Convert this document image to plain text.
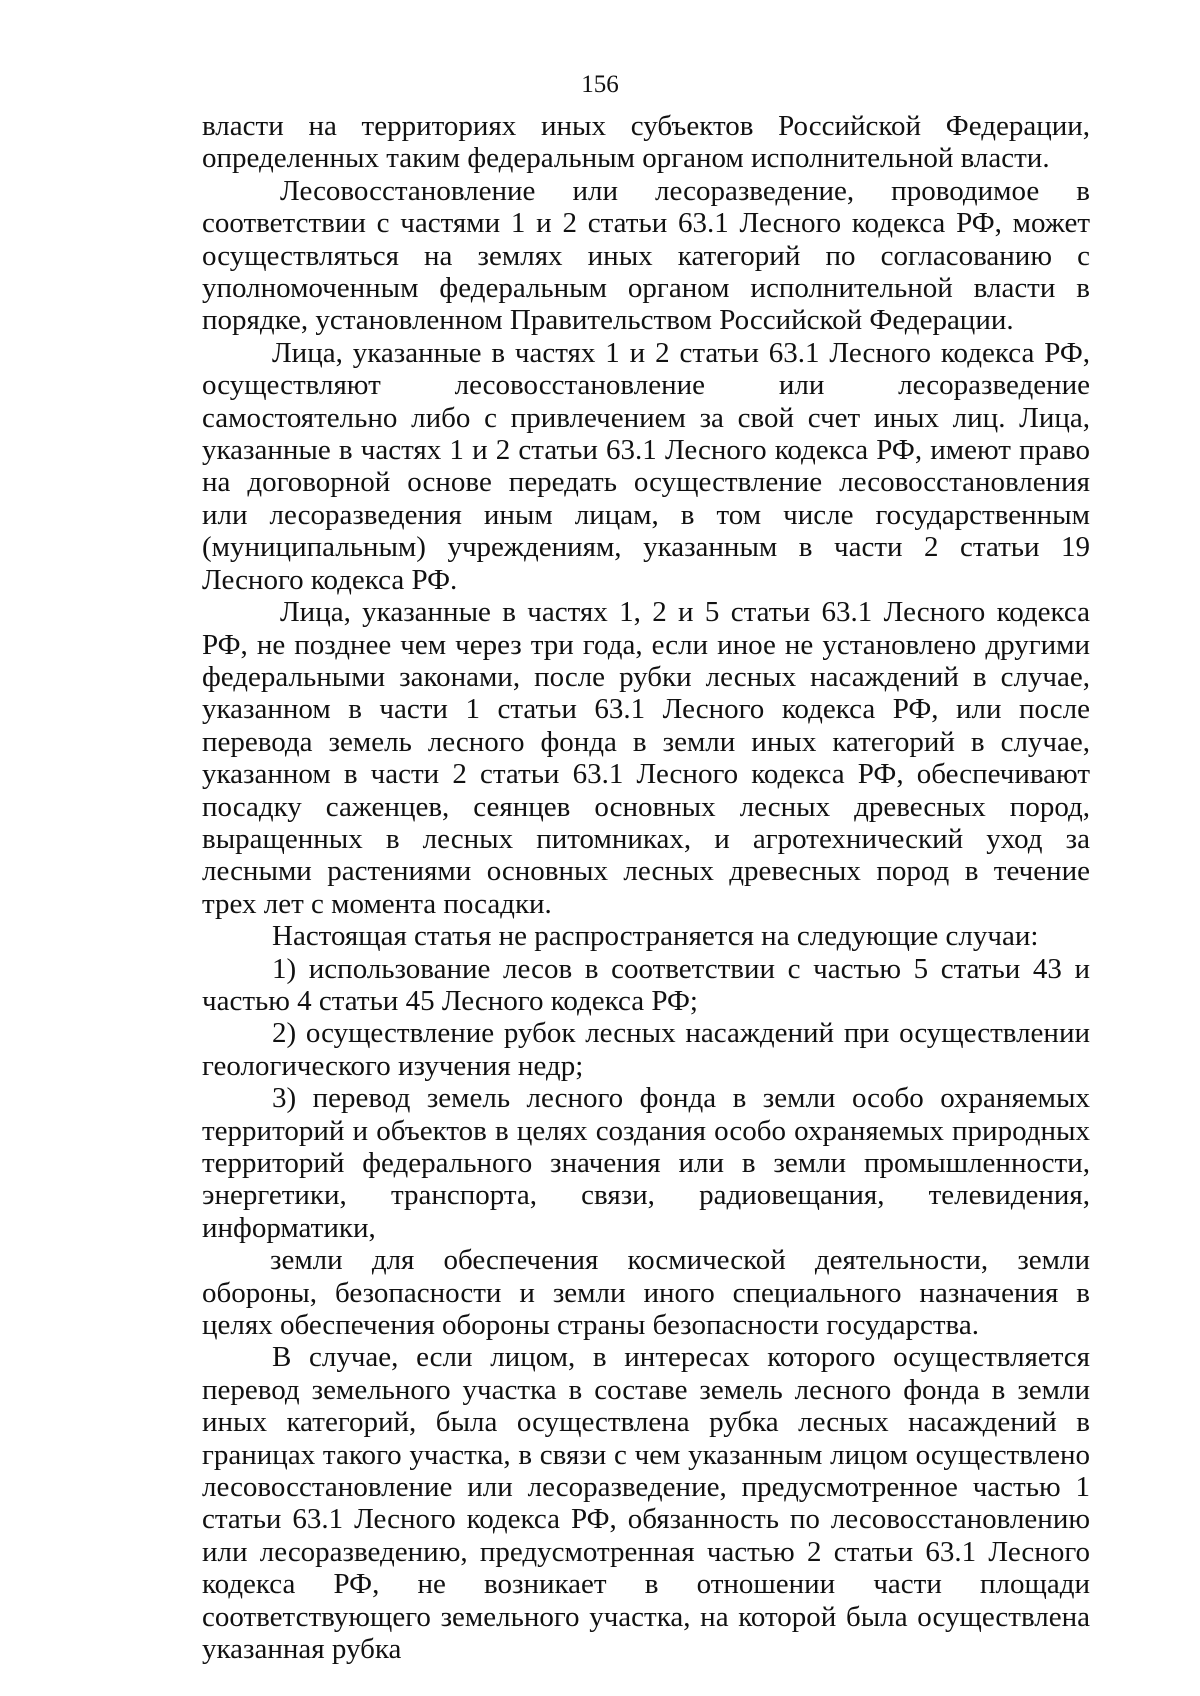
156

власти на территориях иных субъектов Российской Федерации, определенных таким федеральным органом исполнительной власти.

Лесовосстановление или лесоразведение, проводимое в соответствии с частями 1 и 2 статьи 63.1 Лесного кодекса РФ, может осуществляться на землях иных категорий по согласованию с уполномоченным федеральным органом исполнительной власти в порядке, установленном Правительством Российской Федерации.

Лица, указанные в частях 1 и 2 статьи 63.1 Лесного кодекса РФ, осуществляют лесовосстановление или лесоразведение самостоятельно либо с привлечением за свой счет иных лиц. Лица, указанные в частях 1 и 2 статьи 63.1 Лесного кодекса РФ, имеют право на договорной основе передать осуществление лесовосстановления или лесоразведения иным лицам, в том числе государственным (муниципальным) учреждениям, указанным в части 2 статьи 19 Лесного кодекса РФ.

Лица, указанные в частях 1, 2 и 5 статьи 63.1 Лесного кодекса РФ, не позднее чем через три года, если иное не установлено другими федеральными законами, после рубки лесных насаждений в случае, указанном в части 1 статьи 63.1 Лесного кодекса РФ, или после перевода земель лесного фонда в земли иных категорий в случае, указанном в части 2 статьи 63.1 Лесного кодекса РФ, обеспечивают посадку саженцев, сеянцев основных лесных древесных пород, выращенных в лесных питомниках, и агротехнический уход за лесными растениями основных лесных древесных пород в течение трех лет с момента посадки.

Настоящая статья не распространяется на следующие случаи:

1) использование лесов в соответствии с частью 5 статьи 43 и частью 4 статьи 45 Лесного кодекса РФ;

2) осуществление рубок лесных насаждений при осуществлении геологического изучения недр;

3) перевод земель лесного фонда в земли особо охраняемых территорий и объектов в целях создания особо охраняемых природных территорий федерального значения или в земли промышленности, энергетики, транспорта, связи, радиовещания, телевидения, информатики,

земли для обеспечения космической деятельности, земли обороны, безопасности и земли иного специального назначения в целях обеспечения обороны страны безопасности государства.

В случае, если лицом, в интересах которого осуществляется перевод земельного участка в составе земель лесного фонда в земли иных категорий, была осуществлена рубка лесных насаждений в границах такого участка, в связи с чем указанным лицом осуществлено лесовосстановление или лесоразведение, предусмотренное частью 1 статьи 63.1 Лесного кодекса РФ, обязанность по лесовосстановлению или лесоразведению, предусмотренная частью 2 статьи 63.1 Лесного кодекса РФ, не возникает в отношении части площади соответствующего земельного участка, на которой была осуществлена указанная рубка
